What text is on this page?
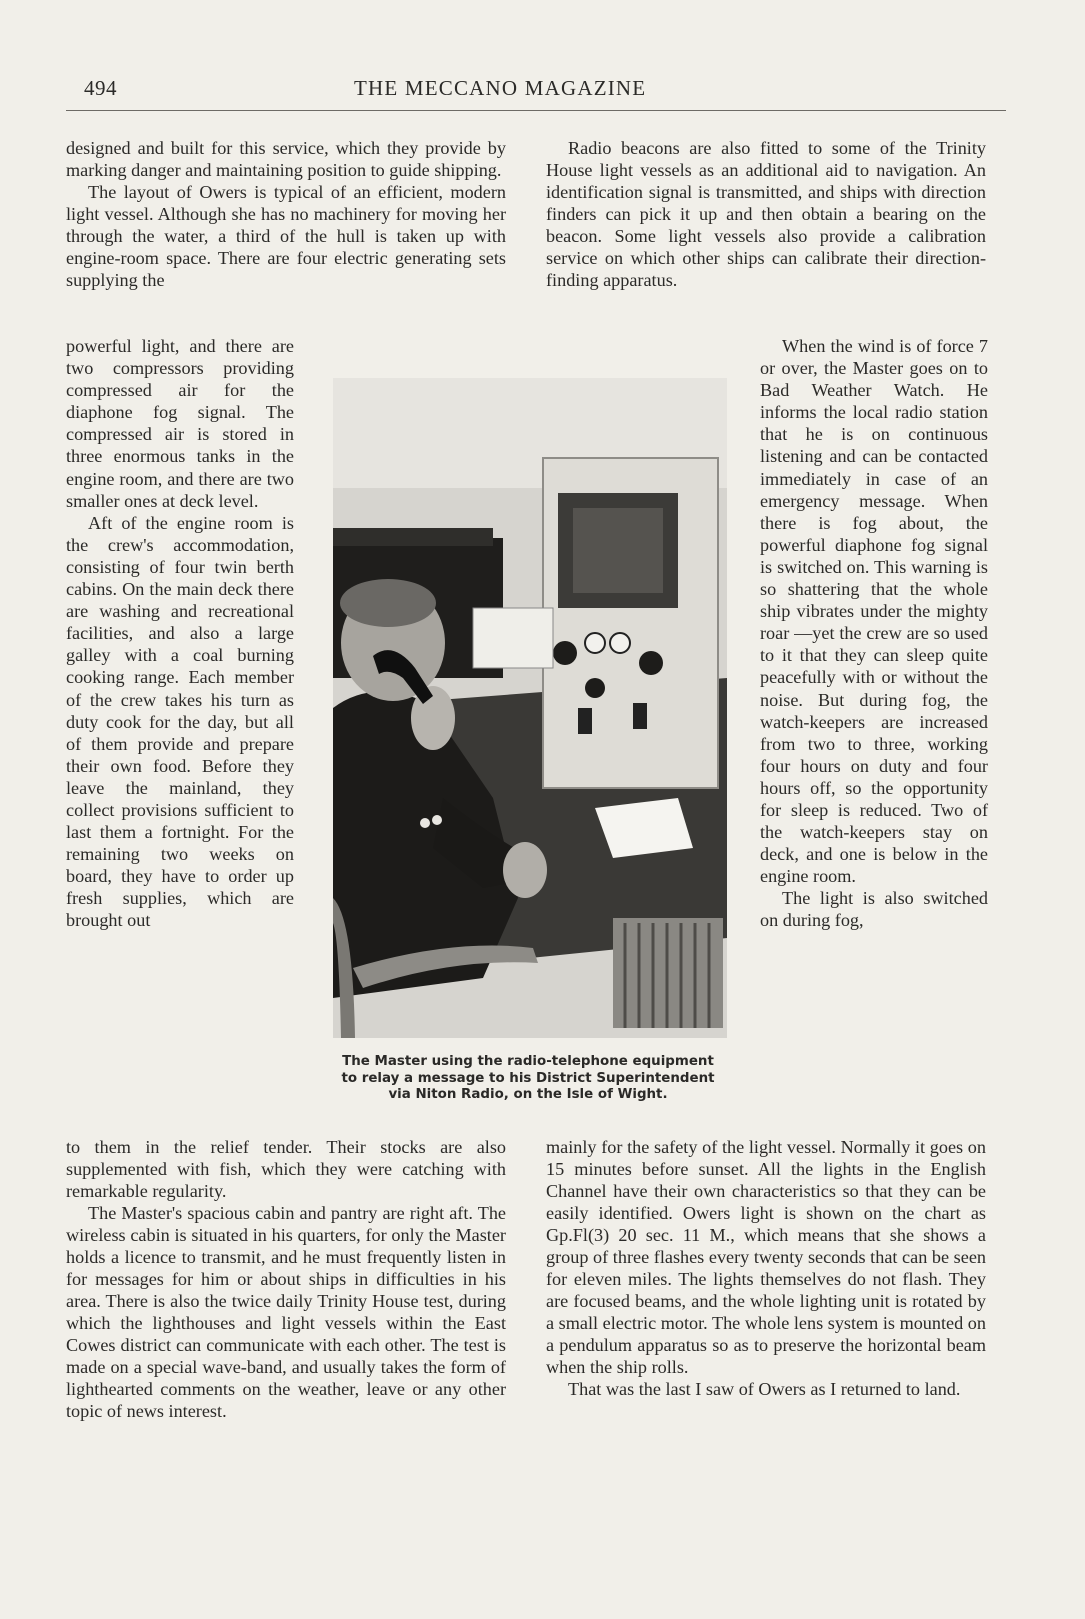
494	THE MECCANO MAGAZINE

designed and built for this service, which they provide by marking danger and maintaining position to guide shipping.

The layout of Owers is typical of an efficient, modern light vessel. Although she has no machinery for moving her through the water, a third of the hull is taken up with engine-room space. There are four electric generating sets supplying the

powerful light, and there are two compressors providing compressed air for the diaphone fog signal. The compressed air is stored in three enormous tanks in the engine room, and there are two smaller ones at deck level.

Aft of the engine room is the crew's accommodation, consisting of four twin berth cabins. On the main deck there are washing and recreational facilities, and also a large galley with a coal burning cooking range. Each member of the crew takes his turn as duty cook for the day, but all of them provide and prepare their own food. Before they leave the mainland, they collect provisions sufficient to last them a fortnight. For the remaining two weeks on board, they have to order up fresh supplies, which are brought out

to them in the relief tender. Their stocks are also supplemented with fish, which they were catching with remarkable regularity.

The Master's spacious cabin and pantry are right aft. The wireless cabin is situated in his quarters, for only the Master holds a licence to transmit, and he must frequently listen in for messages for him or about ships in difficulties in his area. There is also the twice daily Trinity House test, during which the lighthouses and light vessels within the East Cowes district can communicate with each other. The test is made on a special wave-band, and usually takes the form of lighthearted comments on the weather, leave or any other topic of news interest.

Radio beacons are also fitted to some of the Trinity House light vessels as an additional aid to navigation. An identification signal is transmitted, and ships with direction finders can pick it up and then obtain a bearing on the beacon. Some light vessels also provide a calibration service on which other ships can calibrate their direction-finding apparatus.

When the wind is of force 7 or over, the Master goes on to Bad Weather Watch. He informs the local radio station that he is on continuous listening and can be contacted immediately in case of an emergency message. When there is fog about, the powerful diaphone fog signal is switched on. This warning is so shattering that the whole ship vibrates under the mighty roar —yet the crew are so used to it that they can sleep quite peacefully with or without the noise. But during fog, the watch-keepers are increased from two to three, working four hours on duty and four hours off, so the opportunity for sleep is reduced. Two of the watch-keepers stay on deck, and one is below in the engine room.

The light is also switched on during fog,

mainly for the safety of the light vessel. Normally it goes on 15 minutes before sunset. All the lights in the English Channel have their own characteristics so that they can be easily identified. Owers light is shown on the chart as Gp.Fl(3) 20 sec. 11 M., which means that she shows a group of three flashes every twenty seconds that can be seen for eleven miles. The lights themselves do not flash. They are focused beams, and the whole lighting unit is rotated by a small electric motor. The whole lens system is mounted on a pendulum apparatus so as to preserve the horizontal beam when the ship rolls.

That was the last I saw of Owers as I returned to land.

The Master using the radio-telephone equipment
to relay a message to his District Superintendent
via Niton Radio, on the Isle of Wight.
